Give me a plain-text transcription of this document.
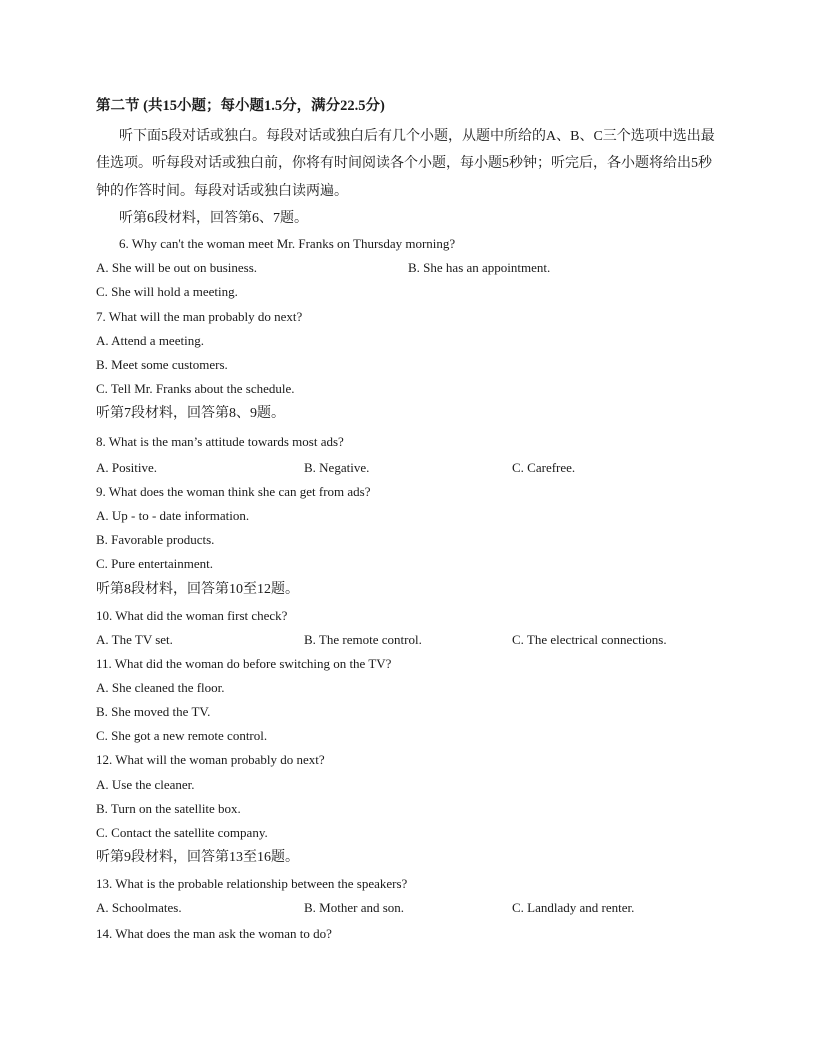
第二节 (共15小题；每小题1.5分，满分22.5分)
听下面5段对话或独白。每段对话或独白后有几个小题，从题中所给的A、B、C三个选项中选出最
佳选项。听每段对话或独白前，你将有时间阅读各个小题，每小题5秒钟；听完后，各小题将给出5秒
钟的作答时间。每段对话或独白读两遍。
听第6段材料，回答第6、7题。
6. Why can't the woman meet Mr. Franks on Thursday morning?
A. She will be out on business.	B. She has an appointment.
C. She will hold a meeting.
7. What will the man probably do next?
A. Attend a meeting.
B. Meet some customers.
C. Tell Mr. Franks about the schedule.
听第7段材料，回答第8、9题。
8. What is the man’s attitude towards most ads?
A. Positive.	B. Negative.	C. Carefree.
9. What does the woman think she can get from ads?
A. Up - to - date information.
B. Favorable products.
C. Pure entertainment.
听第8段材料，回答第10至12题。
10. What did the woman first check?
A. The TV set.	B. The remote control.	C. The electrical connections.
11. What did the woman do before switching on the TV?
A. She cleaned the floor.
B. She moved the TV.
C. She got a new remote control.
12. What will the woman probably do next?
A. Use the cleaner.
B. Turn on the satellite box.
C. Contact the satellite company.
听第9段材料，回答第13至16题。
13. What is the probable relationship between the speakers?
A. Schoolmates.	B. Mother and son.	C. Landlady and renter.
14. What does the man ask the woman to do?
